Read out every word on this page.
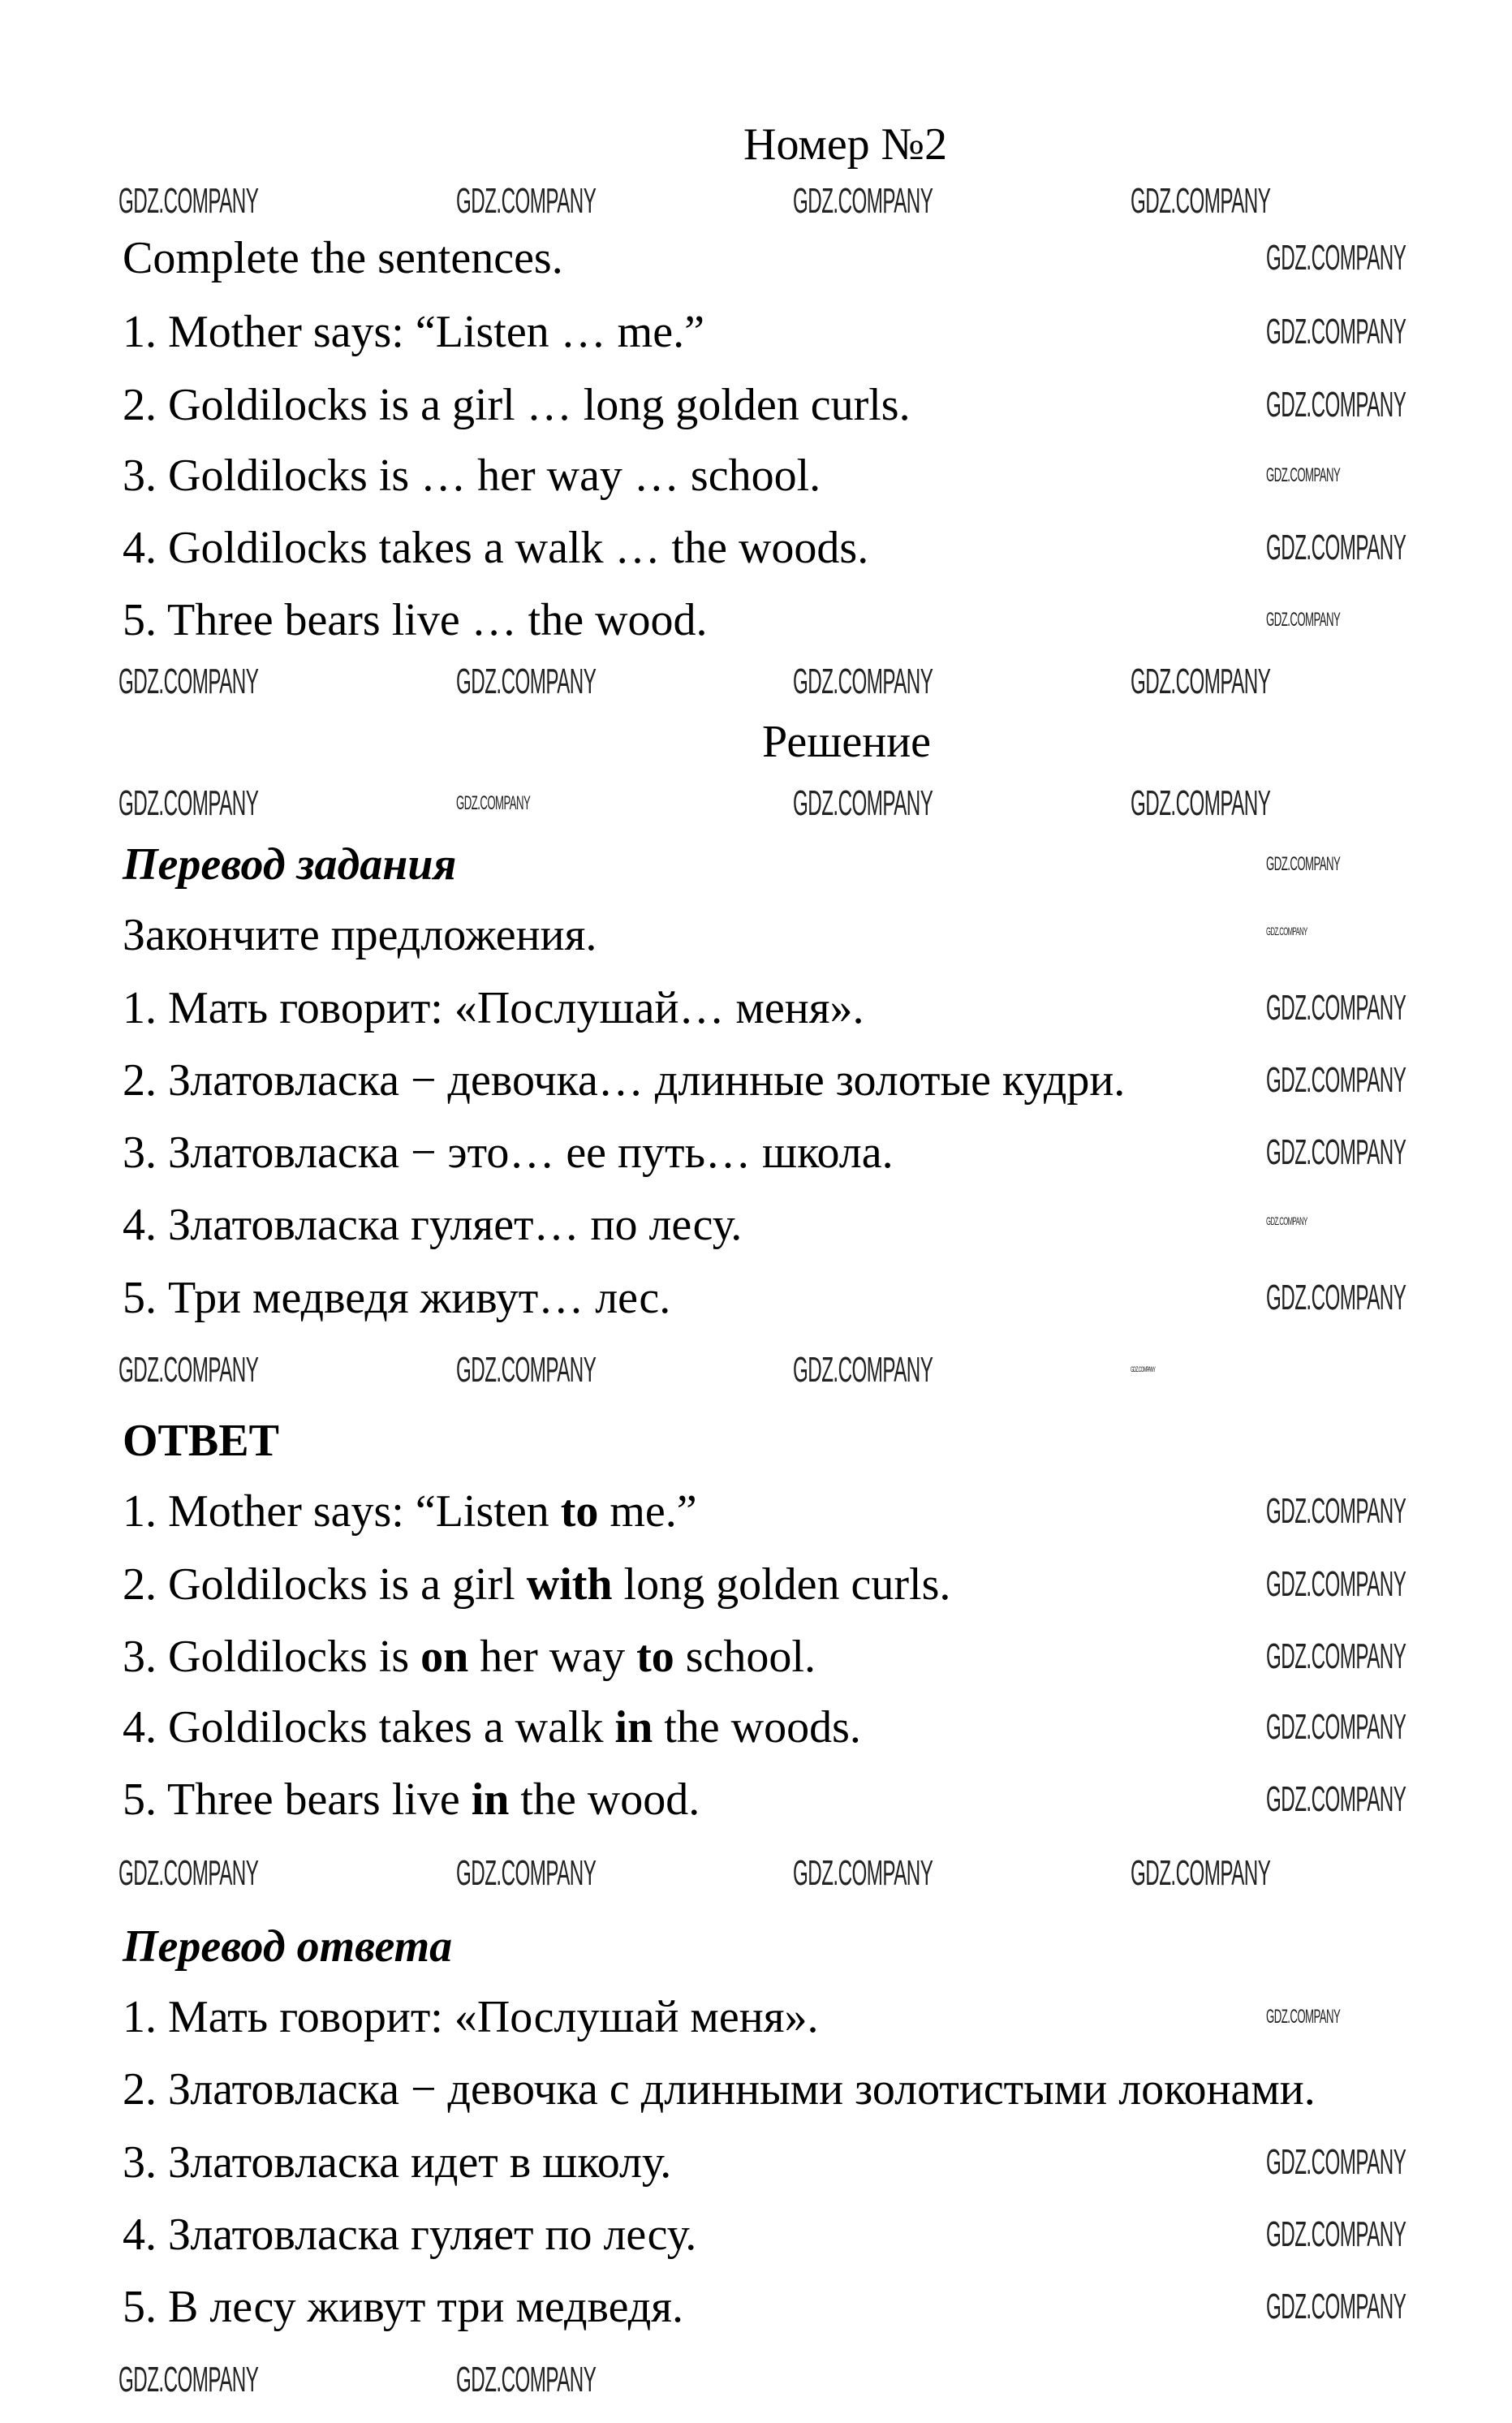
Номер №2
Complete the sentences.
1. Mother says: “Listen … me.”
2. Goldilocks is a girl … long golden curls.
3. Goldilocks is … her way … school.
4. Goldilocks takes a walk … the woods.
5. Three bears live … the wood.
Решение
Перевод задания
Закончите предложения.
1. Мать говорит: «Послушай… меня».
2. Златовласка − девочка… длинные золотые кудри.
3. Златовласка − это… ее путь… школа.
4. Златовласка гуляет… по лесу.
5. Три медведя живут… лес.
ОТВЕТ
1. Mother says: “Listen to me.”
2. Goldilocks is a girl with long golden curls.
3. Goldilocks is on her way to school.
4. Goldilocks takes a walk in the woods.
5. Three bears live in the wood.
Перевод ответа
1. Мать говорит: «Послушай меня».
2. Златовласка − девочка с длинными золотистыми локонами.
3. Златовласка идет в школу.
4. Златовласка гуляет по лесу.
5. В лесу живут три медведя.
GDZ.COMPANY	GDZ.COMPANY	GDZ.COMPANY	GDZ.COMPANY
GDZ.COMPANY
GDZ.COMPANY
GDZ.COMPANY
GDZ.COMPANY
GDZ.COMPANY
GDZ.COMPANY
GDZ.COMPANY	GDZ.COMPANY	GDZ.COMPANY	GDZ.COMPANY
GDZ.COMPANY	GDZ.COMPANY	GDZ.COMPANY	GDZ.COMPANY
GDZ.COMPANY
GDZ.COMPANY
GDZ.COMPANY
GDZ.COMPANY
GDZ.COMPANY
GDZ.COMPANY
GDZ.COMPANY
GDZ.COMPANY	GDZ.COMPANY	GDZ.COMPANY	GDZ.COMPANY
GDZ.COMPANY
GDZ.COMPANY
GDZ.COMPANY
GDZ.COMPANY
GDZ.COMPANY
GDZ.COMPANY	GDZ.COMPANY	GDZ.COMPANY	GDZ.COMPANY
GDZ.COMPANY
GDZ.COMPANY
GDZ.COMPANY
GDZ.COMPANY
GDZ.COMPANY	GDZ.COMPANY
